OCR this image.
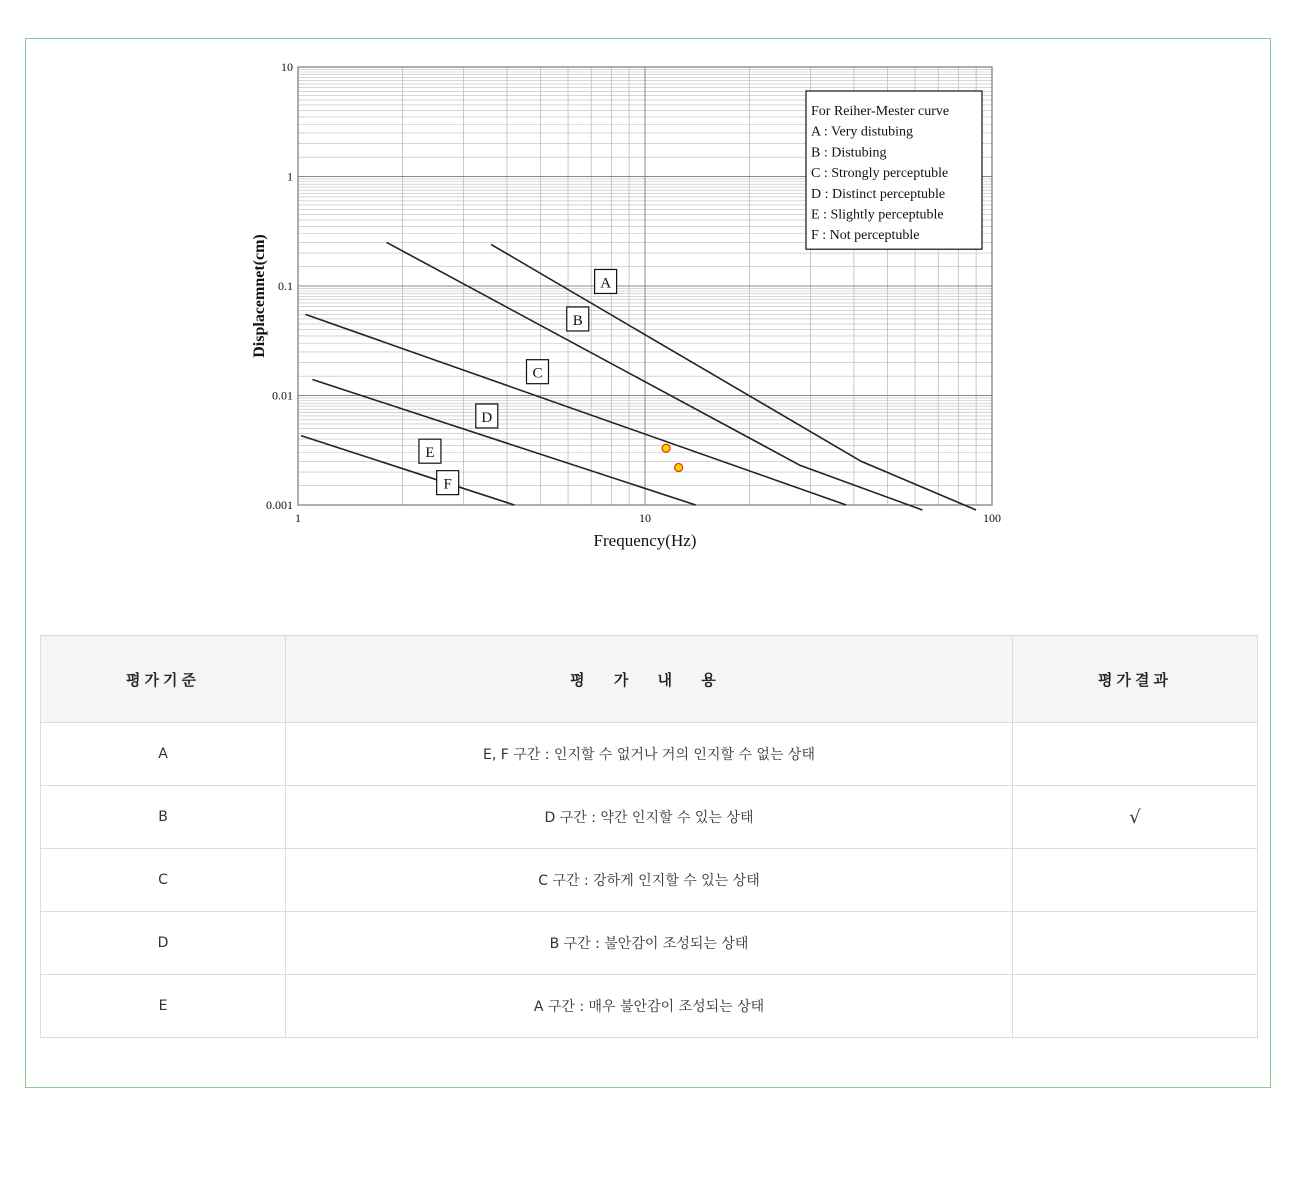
1	10	100
0.001
0.01
0.1
1
10
A
B
C
D
E
F
For Reiher-Mester curve
A : Very distubing
B : Distubing
C : Strongly perceptuble
D : Distinct perceptuble
E : Slightly perceptuble
F : Not perceptuble
Frequency(Hz)
Displacemnet(cm)
평가기준	평 가 내 용	평가결과
A	E, F 구간 : 인지할 수 없거나 거의 인지할 수 없는 상태	
B	D 구간 : 약간 인지할 수 있는 상태	√
C	C 구간 : 강하게 인지할 수 있는 상태	
D	B 구간 : 불안감이 조성되는 상태	
E	A 구간 : 매우 불안감이 조성되는 상태	
